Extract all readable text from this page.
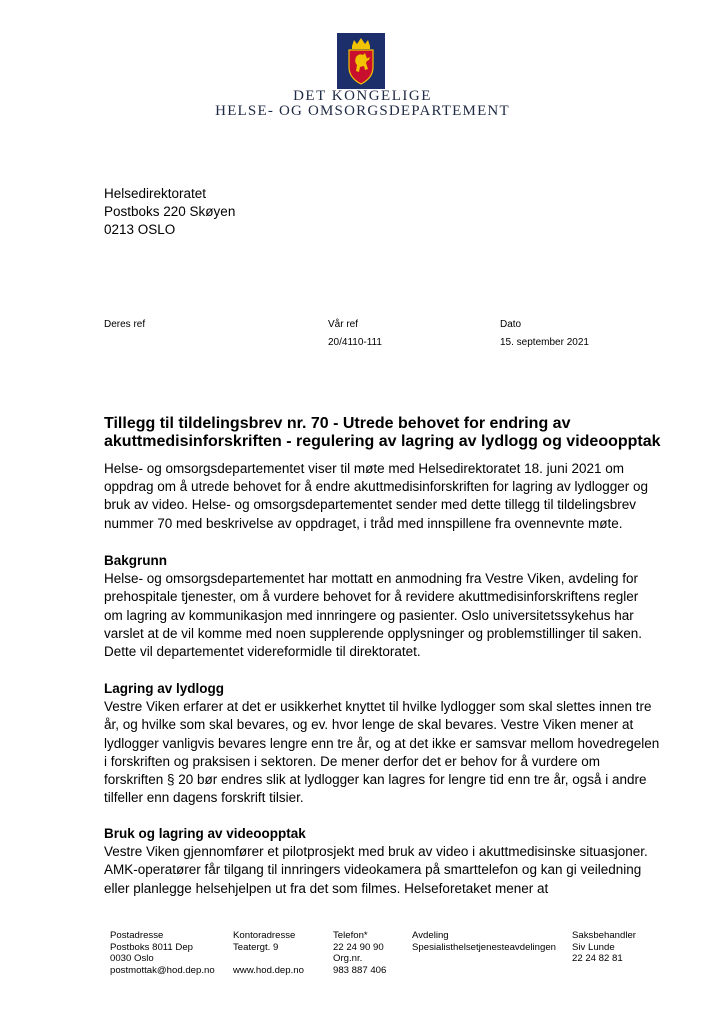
DET KONGELIGE
HELSE- OG OMSORGSDEPARTEMENT
Helsedirektoratet
Postboks 220 Skøyen
0213 OSLO
Deres ref	Vår ref
20/4110-111
Dato
15. september 2021
Tillegg til tildelingsbrev nr. 70 - Utrede behovet for endring av
akuttmedisinforskriften - regulering av lagring av lydlogg og videoopptak
Helse- og omsorgsdepartementet viser til møte med Helsedirektoratet 18. juni 2021 om
oppdrag om å utrede behovet for å endre akuttmedisinforskriften for lagring av lydlogger og
bruk av video. Helse- og omsorgsdepartementet sender med dette tillegg til tildelingsbrev
nummer 70 med beskrivelse av oppdraget, i tråd med innspillene fra ovennevnte møte.
Bakgrunn
Helse- og omsorgsdepartementet har mottatt en anmodning fra Vestre Viken, avdeling for
prehospitale tjenester, om å vurdere behovet for å revidere akuttmedisinforskriftens regler
om lagring av kommunikasjon med innringere og pasienter. Oslo universitetssykehus har
varslet at de vil komme med noen supplerende opplysninger og problemstillinger til saken.
Dette vil departementet videreformidle til direktoratet.
Lagring av lydlogg
Vestre Viken erfarer at det er usikkerhet knyttet til hvilke lydlogger som skal slettes innen tre
år, og hvilke som skal bevares, og ev. hvor lenge de skal bevares. Vestre Viken mener at
lydlogger vanligvis bevares lengre enn tre år, og at det ikke er samsvar mellom hovedregelen
i forskriften og praksisen i sektoren. De mener derfor det er behov for å vurdere om
forskriften § 20 bør endres slik at lydlogger kan lagres for lengre tid enn tre år, også i andre
tilfeller enn dagens forskrift tilsier.
Bruk og lagring av videoopptak
Vestre Viken gjennomfører et pilotprosjekt med bruk av video i akuttmedisinske situasjoner.
AMK-operatører får tilgang til innringers videokamera på smarttelefon og kan gi veiledning
eller planlegge helsehjelpen ut fra det som filmes. Helseforetaket mener at
Postadresse
Postboks 8011 Dep
0030 Oslo
postmottak@hod.dep.no
Kontoradresse
Teatergt. 9

www.hod.dep.no
Telefon*
22 24 90 90
Org.nr.
983 887 406
Avdeling
Spesialisthelsetjenesteavdelingen
Saksbehandler
Siv Lunde
22 24 82 81
